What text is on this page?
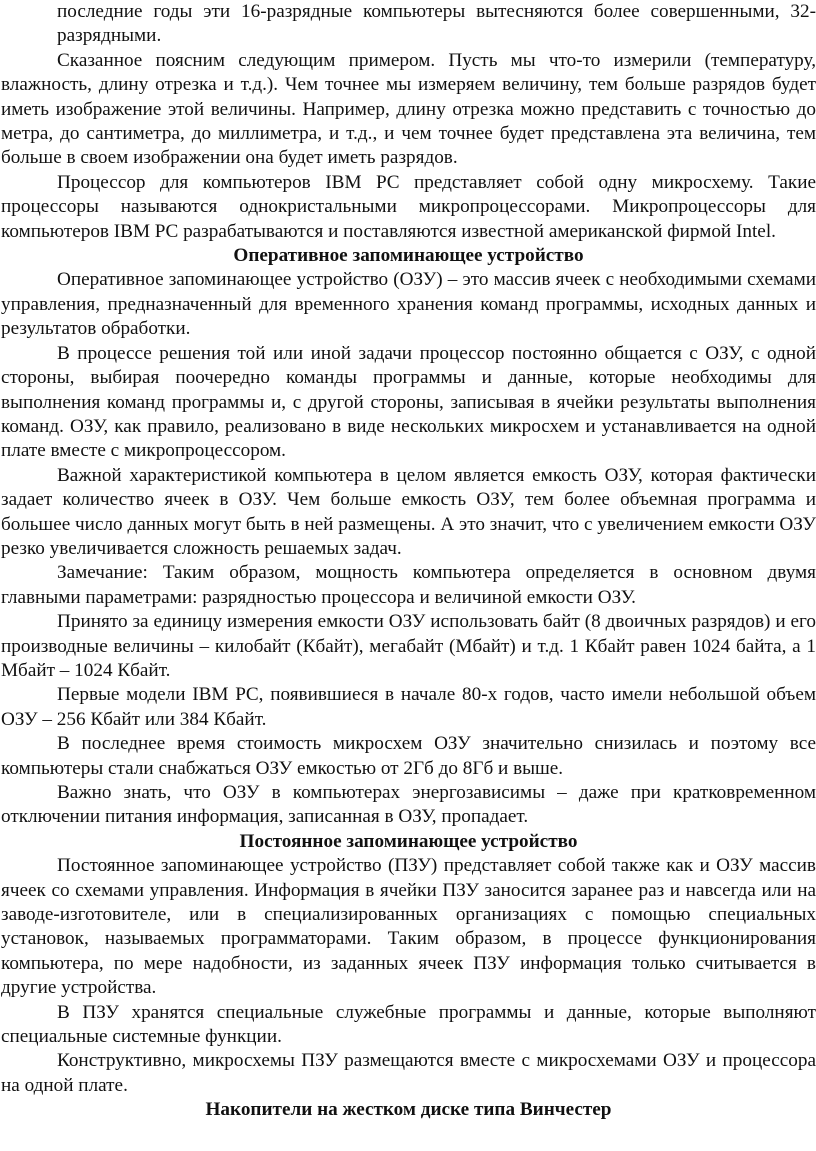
последние годы эти 16-разрядные компьютеры вытесняются более совершенными, 32-разрядными.

Сказанное поясним следующим примером. Пусть мы что-то измерили (температуру, влажность, длину отрезка и т.д.). Чем точнее мы измеряем величину, тем больше разрядов будет иметь изображение этой величины. Например, длину отрезка можно представить с точностью до метра, до сантиметра, до миллиметра, и т.д., и чем точнее будет представлена эта величина, тем больше в своем изображении она будет иметь разрядов.

Процессор для компьютеров IBM PC представляет собой одну микросхему. Такие процессоры называются однокристальными микропроцессорами. Микропроцессоры для компьютеров IBM PC разрабатываются и поставляются известной американской фирмой Intel.

Оперативное запоминающее устройство

Оперативное запоминающее устройство (ОЗУ) – это массив ячеек с необходимыми схемами управления, предназначенный для временного хранения команд программы, исходных данных и результатов обработки.

В процессе решения той или иной задачи процессор постоянно общается с ОЗУ, с одной стороны, выбирая поочередно команды программы и данные, которые необходимы для выполнения команд программы и, с другой стороны, записывая в ячейки результаты выполнения команд. ОЗУ, как правило, реализовано в виде нескольких микросхем и устанавливается на одной плате вместе с микропроцессором.

Важной характеристикой компьютера в целом является емкость ОЗУ, которая фактически задает количество ячеек в ОЗУ. Чем больше емкость ОЗУ, тем более объемная программа и большее число данных могут быть в ней размещены. А это значит, что с увеличением емкости ОЗУ резко увеличивается сложность решаемых задач.

Замечание: Таким образом, мощность компьютера определяется в основном двумя главными параметрами: разрядностью процессора и величиной емкости ОЗУ.

Принято за единицу измерения емкости ОЗУ использовать байт (8 двоичных разрядов) и его производные величины – килобайт (Кбайт), мегабайт (Мбайт) и т.д. 1 Кбайт равен 1024 байта, а 1 Мбайт – 1024 Кбайт.

Первые модели IBM PC, появившиеся в начале 80-х годов, часто имели небольшой объем ОЗУ – 256 Кбайт или 384 Кбайт.

В последнее время стоимость микросхем ОЗУ значительно снизилась и поэтому все компьютеры стали снабжаться ОЗУ емкостью от 2Гб до 8Гб и выше.

Важно знать, что ОЗУ в компьютерах энергозависимы – даже при кратковременном отключении питания информация, записанная в ОЗУ, пропадает.

Постоянное запоминающее устройство

Постоянное запоминающее устройство (ПЗУ) представляет собой также как и ОЗУ массив ячеек со схемами управления. Информация в ячейки ПЗУ заносится заранее раз и навсегда или на заводе-изготовителе, или в специализированных организациях с помощью специальных установок, называемых программаторами. Таким образом, в процессе функционирования компьютера, по мере надобности, из заданных ячеек ПЗУ информация только считывается в другие устройства.

В ПЗУ хранятся специальные служебные программы и данные, которые выполняют специальные системные функции.

Конструктивно, микросхемы ПЗУ размещаются вместе с микросхемами ОЗУ и процессора на одной плате.

Накопители на жестком диске типа Винчестер
